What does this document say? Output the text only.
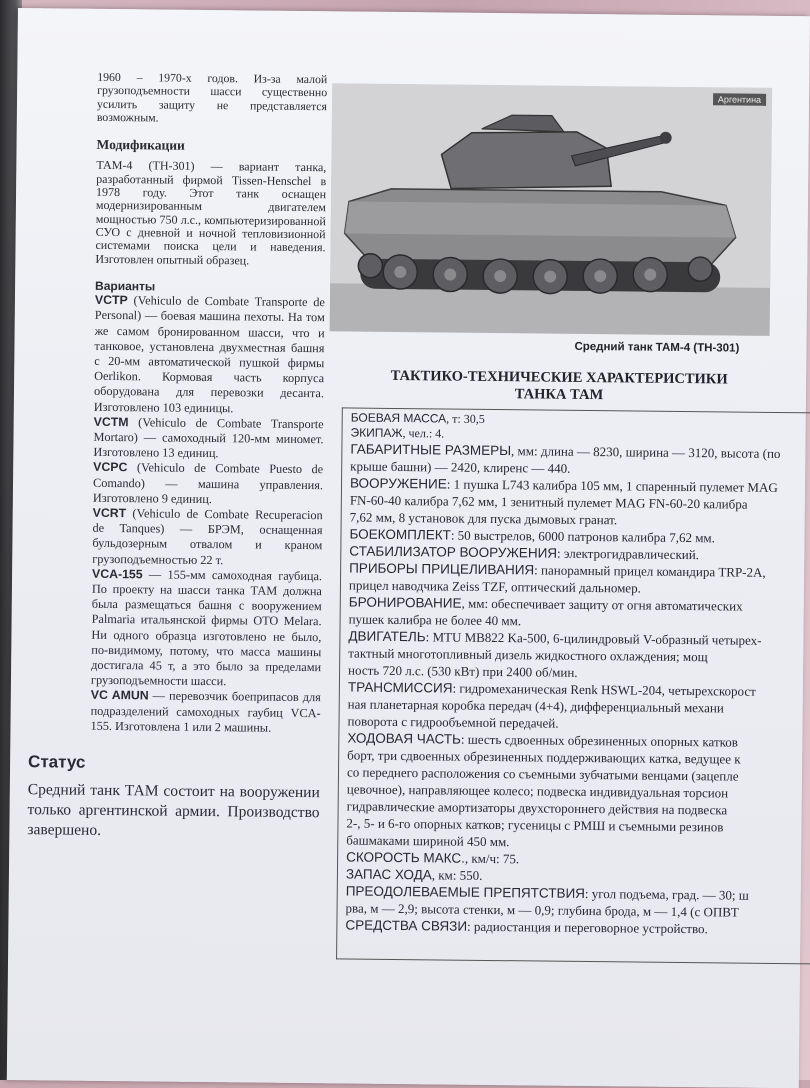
1960 – 1970-х годов. Из-за малой грузоподъемности шасси существенно усилить защиту не представляется возможным.

Модификации

ТАМ-4 (ТН-301) — вариант танка, разработанный фирмой Tissen-Henschel в 1978 году. Этот танк оснащен модернизированным двигателем мощностью 750 л.с., компьютеризированной СУО с дневной и ночной тепловизионной системами поиска цели и наведения. Изготовлен опытный образец.

Варианты

VCTP (Vehiculo de Combate Transporte de Personal) — боевая машина пехоты. На том же самом бронированном шасси, что и танковое, установлена двухместная башня с 20-мм автоматической пушкой фирмы Oerlikon. Кормовая часть корпуса оборудована для перевозки десанта. Изготовлено 103 единицы.

VCTM (Vehiculo de Combate Transporte Mortaro) — самоходный 120-мм миномет. Изготовлено 13 единиц.

VCPC (Vehiculo de Combate Puesto de Comando) — машина управления. Изготовлено 9 единиц.

VCRT (Vehiculo de Combate Recuperacion de Tanques) — БРЭМ, оснащенная бульдозерным отвалом и краном грузоподъемностью 22 т.

VCA-155 — 155-мм самоходная гаубица. По проекту на шасси танка ТАМ должна была размещаться башня с вооружением Palmaria итальянской фирмы OTO Melara. Ни одного образца изготовлено не было, по-видимому, потому, что масса машины достигала 45 т, а это было за пределами грузоподъемности шасси.

VC AMUN — перевозчик боеприпасов для подразделений самоходных гаубиц VCA-155. Изготовлена 1 или 2 машины.

Статус

Средний танк ТАМ состоит на вооружении только аргентинской армии. Производство завершено.

Аргентина
Средний танк ТАМ-4 (ТН-301)
ТАКТИКО-ТЕХНИЧЕСКИЕ ХАРАКТЕРИСТИКИ
ТАНКА ТАМ

БОЕВАЯ МАССА, т: 30,5

ЭКИПАЖ, чел.: 4.

ГАБАРИТНЫЕ РАЗМЕРЫ, мм: длина — 8230, ширина — 3120, высота (по
крыше башни) — 2420, клиренс — 440.

ВООРУЖЕНИЕ: 1 пушка L743 калибра 105 мм, 1 спаренный пулемет MAG
FN-60-40 калибра 7,62 мм, 1 зенитный пулемет MAG FN-60-20 калибра
7,62 мм, 8 установок для пуска дымовых гранат.

БОЕКОМПЛЕКТ: 50 выстрелов, 6000 патронов калибра 7,62 мм.

СТАБИЛИЗАТОР ВООРУЖЕНИЯ: электрогидравлический.

ПРИБОРЫ ПРИЦЕЛИВАНИЯ: панорамный прицел командира TRP-2A,
прицел наводчика Zeiss TZF, оптический дальномер.

БРОНИРОВАНИЕ, мм: обеспечивает защиту от огня автоматических
пушек калибра не более 40 мм.

ДВИГАТЕЛЬ: MTU MB822 Ka-500, 6-цилиндровый V-образный четырех-
тактный многотопливный дизель жидкостного охлаждения; мощ
ность 720 л.с. (530 кВт) при 2400 об/мин.

ТРАНСМИССИЯ: гидромеханическая Renk HSWL-204, четырехскорост
ная планетарная коробка передач (4+4), дифференциальный механи
поворота с гидрообъемной передачей.

ХОДОВАЯ ЧАСТЬ: шесть сдвоенных обрезиненных опорных катков
борт, три сдвоенных обрезиненных поддерживающих катка, ведущее к
со переднего расположения со съемными зубчатыми венцами (зацепле
цевочное), направляющее колесо; подвеска индивидуальная торсион
гидравлические амортизаторы двухстороннего действия на подвеска
2-, 5- и 6-го опорных катков; гусеницы с РМШ и съемными резинов
башмаками шириной 450 мм.

СКОРОСТЬ МАКС., км/ч: 75.

ЗАПАС ХОДА, км: 550.

ПРЕОДОЛЕВАЕМЫЕ ПРЕПЯТСТВИЯ: угол подъема, град. — 30; ш
рва, м — 2,9; высота стенки, м — 0,9; глубина брода, м — 1,4 (с ОПВТ

СРЕДСТВА СВЯЗИ: радиостанция и переговорное устройство.
